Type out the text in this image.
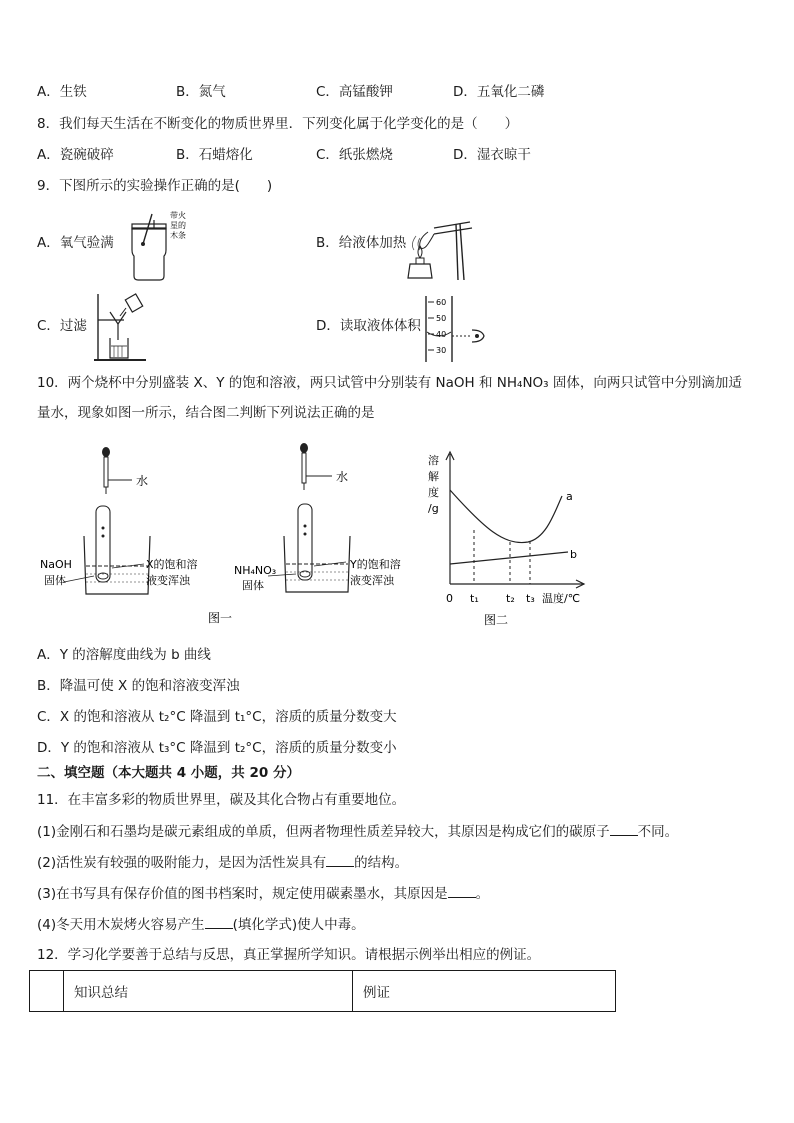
A．生铁	B．氮气	C．高锰酸钾	D．五氧化二磷
8．我们每天生活在不断变化的物质世界里．下列变化属于化学变化的是（　　）
A．瓷碗破碎	B．石蜡熔化	C．纸张燃烧	D．湿衣晾干
9．下图所示的实验操作正确的是(　　)
A．氧气验满	B．给液体加热
C．过滤	D．读取液体体积
带火
星的
木条
60
50
40
30
10．两个烧杯中分别盛装 X、Y 的饱和溶液，两只试管中分别装有 NaOH 和 NH₄NO₃ 固体，向两只试管中分别滴加适
量水，现象如图一所示，结合图二判断下列说法正确的是
水
NaOH
固体
X的饱和溶
液变浑浊
水
NH₄NO₃
固体
Y的饱和溶
液变浑浊
图一
溶
解
度
/g
a
b
0 t₁ t₂ t₃ 温度/℃
图二
A．Y 的溶解度曲线为 b 曲线
B．降温可使 X 的饱和溶液变浑浊
C．X 的饱和溶液从 t₂°C 降温到 t₁°C，溶质的质量分数变大
D．Y 的饱和溶液从 t₃°C 降温到 t₂°C，溶质的质量分数变小
二、填空题（本大题共 4 小题，共 20 分）
11．在丰富多彩的物质世界里，碳及其化合物占有重要地位。
(1)金刚石和石墨均是碳元素组成的单质，但两者物理性质差异较大，其原因是构成它们的碳原子 不同。
(2)活性炭有较强的吸附能力，是因为活性炭具有 的结构。
(3)在书写具有保存价值的图书档案时，规定使用碳素墨水，其原因是 。
(4)冬天用木炭烤火容易产生 (填化学式)使人中毒。
12．学习化学要善于总结与反思，真正掌握所学知识。请根据示例举出相应的例证。
	知识总结	例证
